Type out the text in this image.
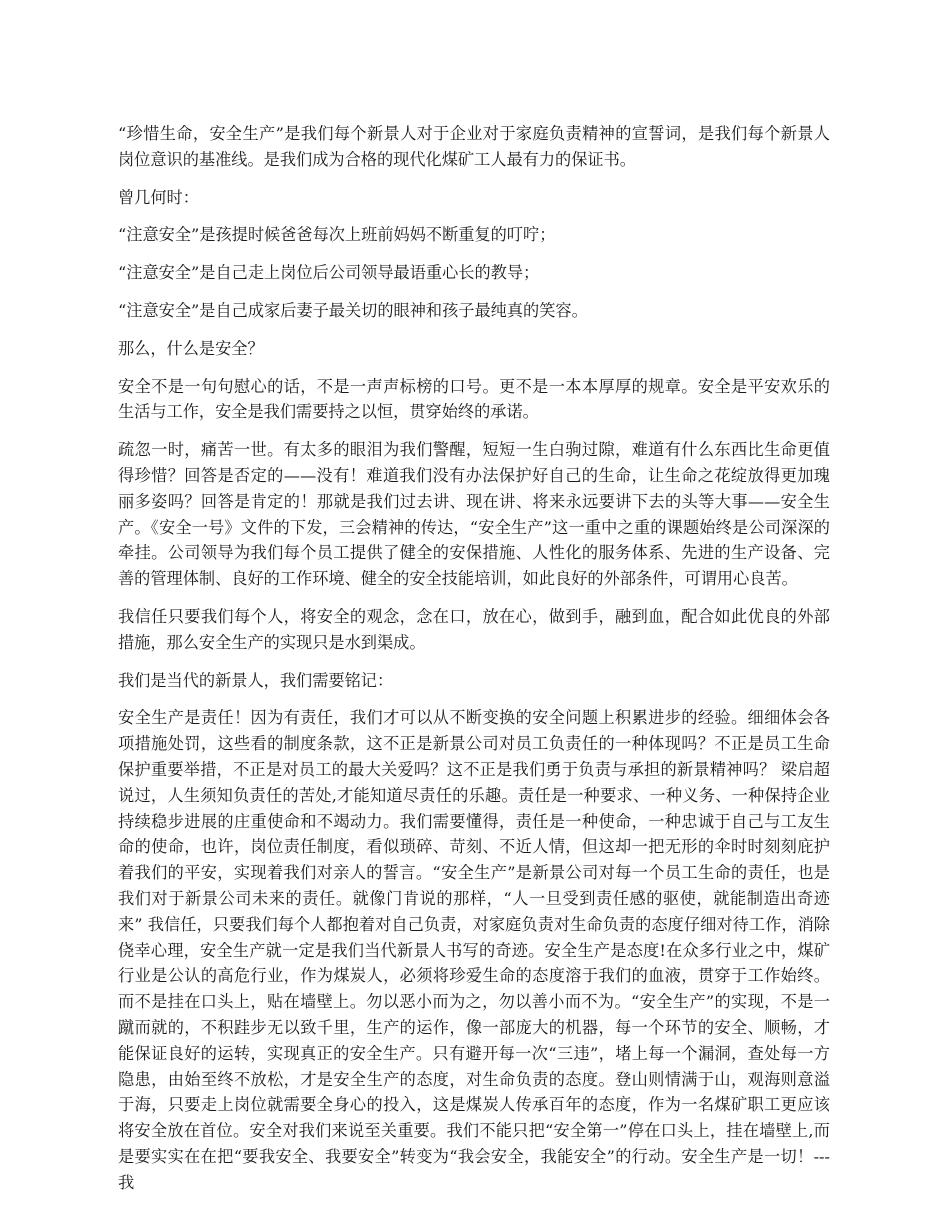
“珍惜生命，安全生产”是我们每个新景人对于企业对于家庭负责精神的宣誓词，是我们每个新景人岗位意识的基准线。是我们成为合格的现代化煤矿工人最有力的保证书。

曾几何时：

“注意安全”是孩提时候爸爸每次上班前妈妈不断重复的叮咛；

“注意安全”是自己走上岗位后公司领导最语重心长的教导；

“注意安全”是自己成家后妻子最关切的眼神和孩子最纯真的笑容。

那么，什么是安全？

安全不是一句句慰心的话，不是一声声标榜的口号。更不是一本本厚厚的规章。安全是平安欢乐的生活与工作，安全是我们需要持之以恒，贯穿始终的承诺。

疏忽一时，痛苦一世。有太多的眼泪为我们警醒，短短一生白驹过隙，难道有什么东西比生命更值得珍惜？回答是否定的——没有！难道我们没有办法保护好自己的生命，让生命之花绽放得更加瑰丽多姿吗？回答是肯定的！那就是我们过去讲、现在讲、将来永远要讲下去的头等大事——安全生产。《安全一号》文件的下发，三会精神的传达，“安全生产”这一重中之重的课题始终是公司深深的牵挂。公司领导为我们每个员工提供了健全的安保措施、人性化的服务体系、先进的生产设备、完善的管理体制、良好的工作环境、健全的安全技能培训，如此良好的外部条件，可谓用心良苦。

我信任只要我们每个人，将安全的观念，念在口，放在心，做到手，融到血，配合如此优良的外部措施，那么安全生产的实现只是水到渠成。

我们是当代的新景人，我们需要铭记：

安全生产是责任！因为有责任，我们才可以从不断变换的安全问题上积累进步的经验。细细体会各项措施处罚，这些看的制度条款，这不正是新景公司对员工负责任的一种体现吗？不正是员工生命保护重要举措，不正是对员工的最大关爱吗？这不正是我们勇于负责与承担的新景精神吗？ 梁启超说过，人生须知负责任的苦处,才能知道尽责任的乐趣。责任是一种要求、一种义务、一种保持企业持续稳步进展的庄重使命和不竭动力。我们需要懂得，责任是一种使命，一种忠诚于自己与工友生命的使命，也许，岗位责任制度，看似琐碎、苛刻、不近人情，但这却一把无形的伞时时刻刻庇护着我们的平安，实现着我们对亲人的誓言。“安全生产”是新景公司对每一个员工生命的责任，也是我们对于新景公司未来的责任。就像门肯说的那样，“人一旦受到责任感的驱使，就能制造出奇迹来” 我信任，只要我们每个人都抱着对自己负责，对家庭负责对生命负责的态度仔细对待工作，消除侥幸心理，安全生产就一定是我们当代新景人书写的奇迹。安全生产是态度!在众多行业之中，煤矿行业是公认的高危行业，作为煤炭人，必须将珍爱生命的态度溶于我们的血液，贯穿于工作始终。而不是挂在口头上，贴在墙壁上。勿以恶小而为之，勿以善小而不为。“安全生产”的实现，不是一蹴而就的，不积跬步无以致千里，生产的运作，像一部庞大的机器，每一个环节的安全、顺畅，才能保证良好的运转，实现真正的安全生产。只有避开每一次“三违”，堵上每一个漏洞，查处每一方隐患，由始至终不放松，才是安全生产的态度，对生命负责的态度。登山则情满于山，观海则意溢于海，只要走上岗位就需要全身心的投入，这是煤炭人传承百年的态度，作为一名煤矿职工更应该将安全放在首位。安全对我们来说至关重要。我们不能只把“安全第一”停在口头上，挂在墙壁上,而是要实实在在把“要我安全、我要安全”转变为“我会安全，我能安全”的行动。安全生产是一切！---我
